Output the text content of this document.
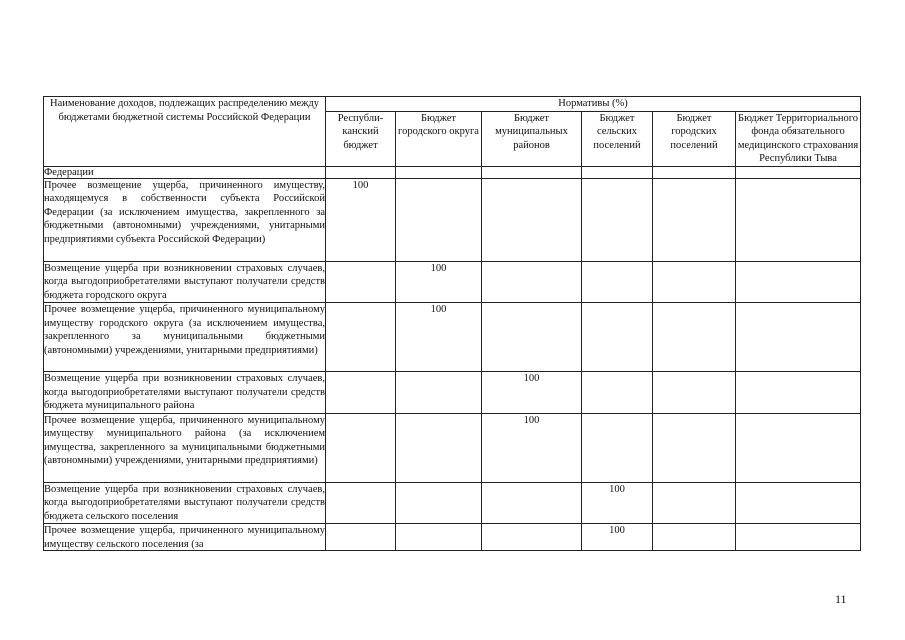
Наименование доходов, подлежащих распределению между бюджетами бюджетной системы Российской Федерации	Нормативы (%)					
	Республи-канский бюджет	Бюджет городского округа	Бюджет муниципальных районов	Бюджет сельских поселений	Бюджет городских поселений	Бюджет Территориального фонда обязательного медицинского страхования Республики Тыва
Федерации						
Прочее возмещение ущерба, причиненного имуществу, находящемуся в собственности субъекта Российской Федерации (за исключением имущества, закрепленного за бюджетными (автономными) учреждениями, унитарными предприятиями субъекта Российской Федерации)	100					
Возмещение ущерба при возникновении страховых случаев, когда выгодоприобретателями выступают получатели средств бюджета городского округа		100				
Прочее возмещение ущерба, причиненного муниципальному имуществу городского округа (за исключением имущества, закрепленного за муниципальными бюджетными (автономными) учреждениями, унитарными предприятиями)		100				
Возмещение ущерба при возникновении страховых случаев, когда выгодоприобретателями выступают получатели средств бюджета муниципального района			100			
Прочее возмещение ущерба, причиненного муниципальному имуществу муниципального района (за исключением имущества, закрепленного за муниципальными бюджетными (автономными) учреждениями, унитарными предприятиями)			100			
Возмещение ущерба при возникновении страховых случаев, когда выгодоприобретателями выступают получатели средств бюджета сельского поселения				100		

Прочее возмещение ущерба, причиненного муниципальному имуществу сельского поселения (за				100		
11
